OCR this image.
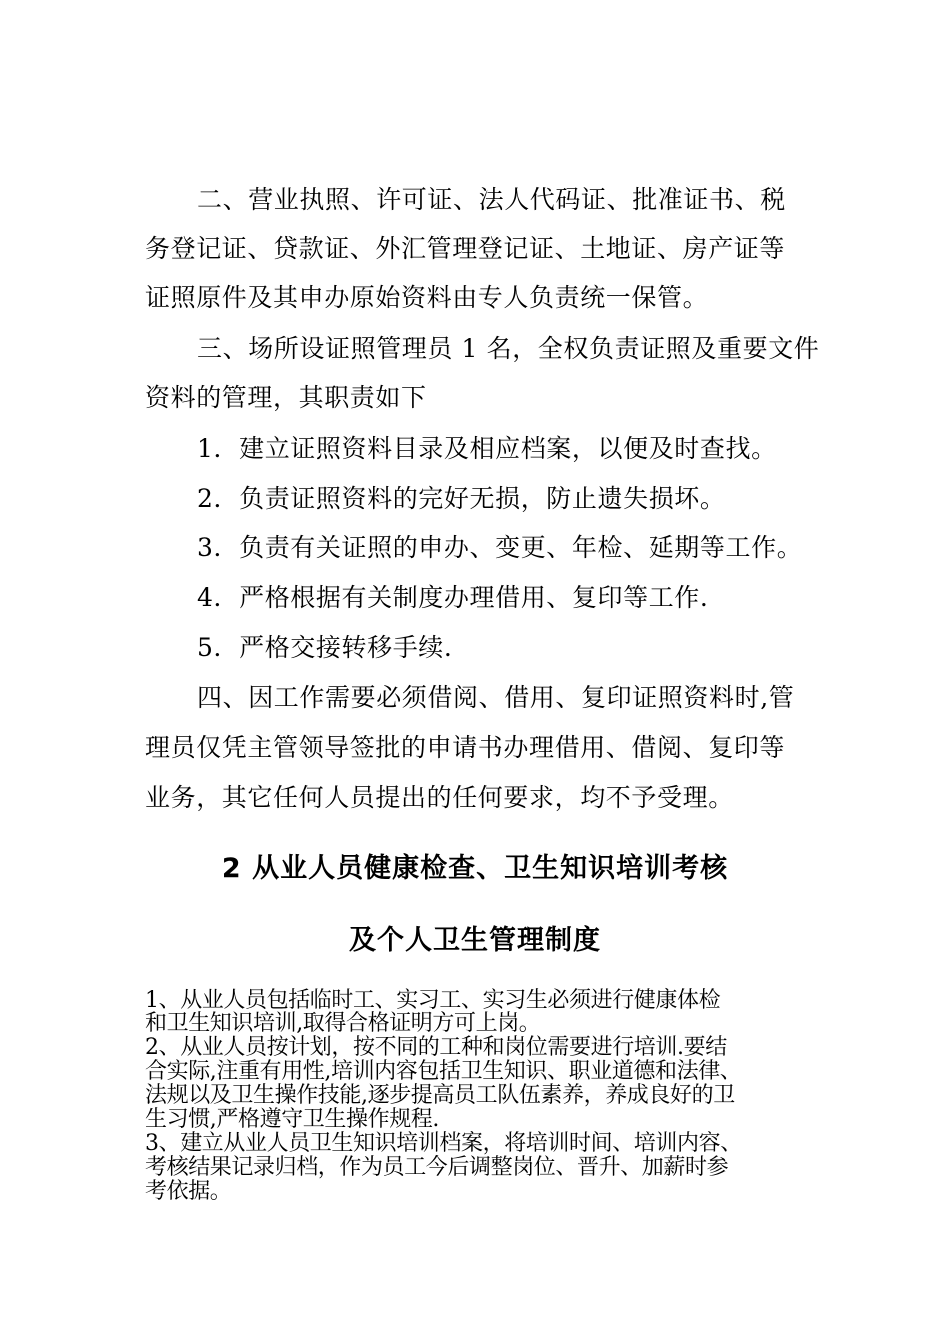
二、营业执照、许可证、法人代码证、批准证书、税
务登记证、贷款证、外汇管理登记证、土地证、房产证等
证照原件及其申办原始资料由专人负责统一保管。
三、场所设证照管理员 1 名，全权负责证照及重要文件
资料的管理，其职责如下
1．建立证照资料目录及相应档案，以便及时查找。
2．负责证照资料的完好无损，防止遗失损坏。
3．负责有关证照的申办、变更、年检、延期等工作。
4．严格根据有关制度办理借用、复印等工作.
5．严格交接转移手续.
四、因工作需要必须借阅、借用、复印证照资料时,管
理员仅凭主管领导签批的申请书办理借用、借阅、复印等
业务，其它任何人员提出的任何要求，均不予受理。
2 从业人员健康检查、卫生知识培训考核
及个人卫生管理制度
1、从业人员包括临时工、实习工、实习生必须进行健康体检
和卫生知识培训,取得合格证明方可上岗。
2、从业人员按计划，按不同的工种和岗位需要进行培训.要结
合实际,注重有用性,培训内容包括卫生知识、职业道德和法律、
法规以及卫生操作技能,逐步提高员工队伍素养，养成良好的卫
生习惯,严格遵守卫生操作规程.
3、建立从业人员卫生知识培训档案，将培训时间、培训内容、
考核结果记录归档，作为员工今后调整岗位、晋升、加薪时参
考依据。
